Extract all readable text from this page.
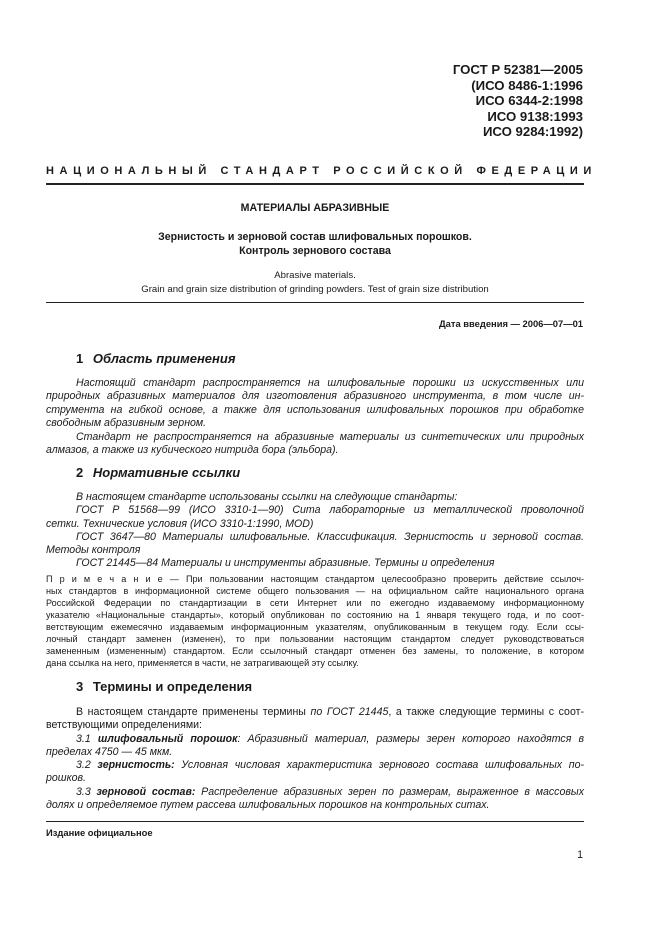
ГОСТ Р 52381—2005
(ИСО 8486-1:1996
ИСО 6344-2:1998
ИСО 9138:1993
ИСО 9284:1992)
НАЦИОНАЛЬНЫЙ СТАНДАРТ РОССИЙСКОЙ ФЕДЕРАЦИИ
МАТЕРИАЛЫ АБРАЗИВНЫЕ
Зернистость и зерновой состав шлифовальных порошков.
Контроль зернового состава
Abrasive materials.
Grain and grain size distribution of grinding powders. Test of grain size distribution
Дата введения — 2006—07—01
1 Область применения
Настоящий стандарт распространяется на шлифовальные порошки из искусственных или
природных абразивных материалов для изготовления абразивного инструмента, в том числе ин-
струмента на гибкой основе, а также для использования шлифовальных порошков при обработке
свободным абразивным зерном.
Стандарт не распространяется на абразивные материалы из синтетических или природных
алмазов, а также из кубического нитрида бора (эльбора).
2 Нормативные ссылки
В настоящем стандарте использованы ссылки на следующие стандарты:
ГОСТ Р 51568—99 (ИСО 3310-1—90) Сита лабораторные из металлической проволочной
сетки. Технические условия (ИСО 3310-1:1990, MOD)
ГОСТ 3647—80 Материалы шлифовальные. Классификация. Зернистость и зерновой состав.
Методы контроля
ГОСТ 21445—84 Материалы и инструменты абразивные. Термины и определения
П р и м е ч а н и е — При пользовании настоящим стандартом целесообразно проверить действие ссылоч-
ных стандартов в информационной системе общего пользования — на официальном сайте национального органа
Российской Федерации по стандартизации в сети Интернет или по ежегодно издаваемому информационному
указателю «Национальные стандарты», который опубликован по состоянию на 1 января текущего года, и по соот-
ветствующим ежемесячно издаваемым информационным указателям, опубликованным в текущем году. Если ссы-
лочный стандарт заменен (изменен), то при пользовании настоящим стандартом следует руководствоваться
замененным (измененным) стандартом. Если ссылочный стандарт отменен без замены, то положение, в котором
дана ссылка на него, применяется в части, не затрагивающей эту ссылку.
3 Термины и определения
В настоящем стандарте применены термины по ГОСТ 21445, а также следующие термины с соот-
ветствующими определениями:
3.1 шлифовальный порошок: Абразивный материал, размеры зерен которого находятся в
пределах 4750 — 45 мкм.
3.2 зернистость: Условная числовая характеристика зернового состава шлифовальных по-
рошков.
3.3 зерновой состав: Распределение абразивных зерен по размерам, выраженное в массовых
долях и определяемое путем рассева шлифовальных порошков на контрольных ситах.
Издание официальное
1
